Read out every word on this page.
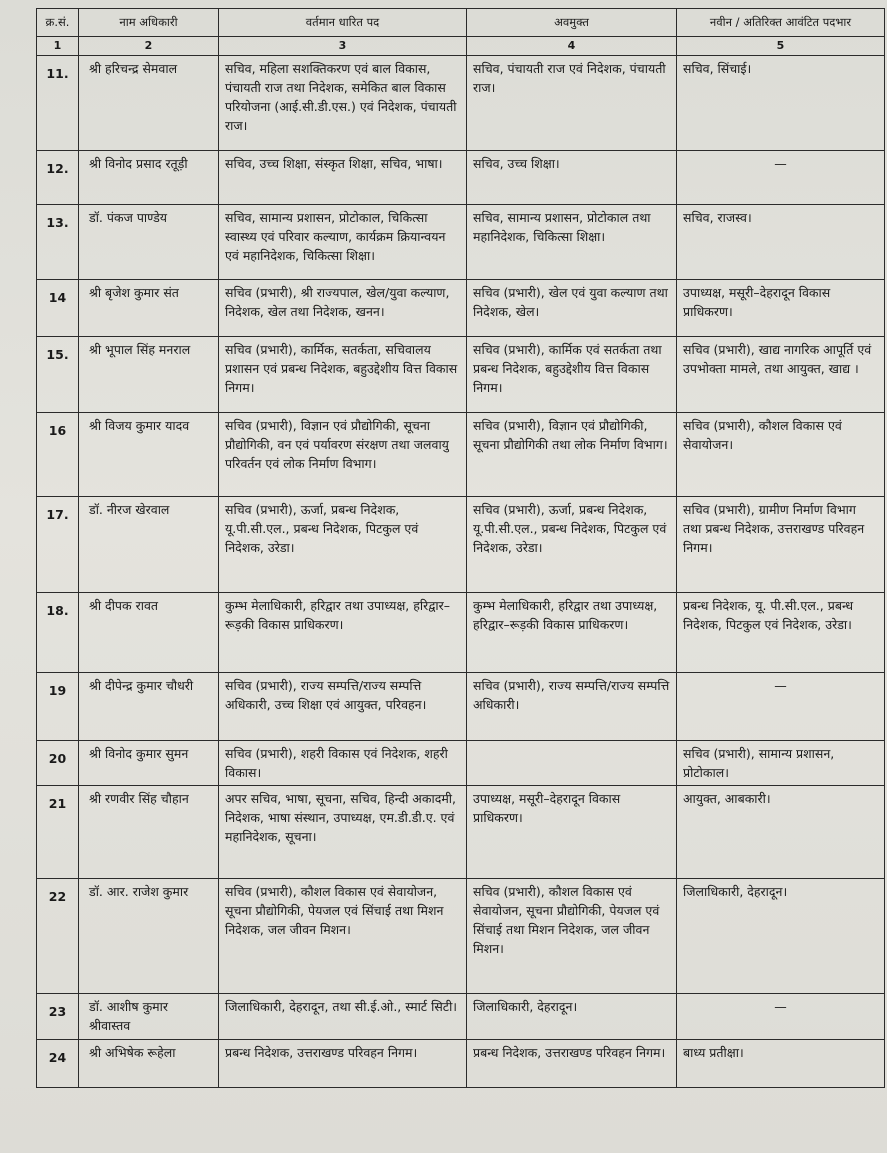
क्र.सं.	नाम अधिकारी	वर्तमान धारित पद	अवमुक्त	नवीन / अतिरिक्त आवंटित पदभार
1	2	3	4	5
11.	श्री हरिचन्द्र सेमवाल	सचिव, महिला सशक्तिकरण एवं बाल विकास, पंचायती राज तथा निदेशक, समेकित बाल विकास परियोजना (आई.सी.डी.एस.) एवं निदेशक, पंचायती राज।	सचिव, पंचायती राज एवं निदेशक, पंचायती राज।	सचिव, सिंचाई।
12.	श्री विनोद प्रसाद रतूड़ी	सचिव, उच्च शिक्षा, संस्कृत शिक्षा, सचिव, भाषा।	सचिव, उच्च शिक्षा।	—
13.	डॉ. पंकज पाण्डेय	सचिव, सामान्य प्रशासन, प्रोटोकाल, चिकित्सा स्वास्थ्य एवं परिवार कल्याण, कार्यक्रम क्रियान्वयन एवं महानिदेशक, चिकित्सा शिक्षा।	सचिव, सामान्य प्रशासन, प्रोटोकाल तथा महानिदेशक, चिकित्सा शिक्षा।	सचिव, राजस्व।
14	श्री बृजेश कुमार संत	सचिव (प्रभारी), श्री राज्यपाल, खेल/युवा कल्याण, निदेशक, खेल तथा निदेशक, खनन।	सचिव (प्रभारी), खेल एवं युवा कल्याण तथा निदेशक, खेल।	उपाध्यक्ष, मसूरी–देहरादून विकास प्राधिकरण।
15.	श्री भूपाल सिंह मनराल	सचिव (प्रभारी), कार्मिक, सतर्कता, सचिवालय प्रशासन एवं प्रबन्ध निदेशक, बहुउद्देशीय वित्त विकास निगम।	सचिव (प्रभारी), कार्मिक एवं सतर्कता तथा प्रबन्ध निदेशक, बहुउद्देशीय वित्त विकास निगम।	सचिव (प्रभारी), खाद्य नागरिक आपूर्ति एवं उपभोक्ता मामले, तथा आयुक्त, खाद्य ।
16	श्री विजय कुमार यादव	सचिव (प्रभारी), विज्ञान एवं प्रौद्योगिकी, सूचना प्रौद्योगिकी, वन एवं पर्यावरण संरक्षण तथा जलवायु परिवर्तन एवं लोक निर्माण विभाग।	सचिव (प्रभारी), विज्ञान एवं प्रौद्योगिकी, सूचना प्रौद्योगिकी तथा लोक निर्माण विभाग।	सचिव (प्रभारी), कौशल विकास एवं सेवायोजन।
17.	डॉ. नीरज खेरवाल	सचिव (प्रभारी), ऊर्जा, प्रबन्ध निदेशक, यू.पी.सी.एल., प्रबन्ध निदेशक, पिटकुल एवं निदेशक, उरेडा।	सचिव (प्रभारी), ऊर्जा, प्रबन्ध निदेशक, यू.पी.सी.एल., प्रबन्ध निदेशक, पिटकुल एवं निदेशक, उरेडा।	सचिव (प्रभारी), ग्रामीण निर्माण विभाग तथा प्रबन्ध निदेशक, उत्तराखण्ड परिवहन निगम।
18.	श्री दीपक रावत	कुम्भ मेलाधिकारी, हरिद्वार तथा उपाध्यक्ष, हरिद्वार–रूड़की विकास प्राधिकरण।	कुम्भ मेलाधिकारी, हरिद्वार तथा उपाध्यक्ष, हरिद्वार–रूड़की विकास प्राधिकरण।	प्रबन्ध निदेशक, यू. पी.सी.एल., प्रबन्ध निदेशक, पिटकुल एवं निदेशक, उरेडा।
19	श्री दीपेन्द्र कुमार चौधरी	सचिव (प्रभारी), राज्य सम्पत्ति/राज्य सम्पत्ति अधिकारी, उच्च शिक्षा एवं आयुक्त, परिवहन।	सचिव (प्रभारी), राज्य सम्पत्ति/राज्य सम्पत्ति अधिकारी।	—
20	श्री विनोद कुमार सुमन	सचिव (प्रभारी), शहरी विकास एवं निदेशक, शहरी विकास।		सचिव (प्रभारी), सामान्य प्रशासन, प्रोटोकाल।
21	श्री रणवीर सिंह चौहान	अपर सचिव, भाषा, सूचना, सचिव, हिन्दी अकादमी, निदेशक, भाषा संस्थान, उपाध्यक्ष, एम.डी.डी.ए. एवं महानिदेशक, सूचना।	उपाध्यक्ष, मसूरी–देहरादून विकास प्राधिकरण।	आयुक्त, आबकारी।
22	डॉ. आर. राजेश कुमार	सचिव (प्रभारी), कौशल विकास एवं सेवायोजन, सूचना प्रौद्योगिकी, पेयजल एवं सिंचाई तथा मिशन निदेशक, जल जीवन मिशन।	सचिव (प्रभारी), कौशल विकास एवं सेवायोजन, सूचना प्रौद्योगिकी, पेयजल एवं सिंचाई तथा मिशन निदेशक, जल जीवन मिशन।	जिलाधिकारी, देहरादून।
23	डॉ. आशीष कुमार श्रीवास्तव	जिलाधिकारी, देहरादून, तथा सी.ई.ओ., स्मार्ट सिटी।	जिलाधिकारी, देहरादून।	—
24	श्री अभिषेक रूहेला	प्रबन्ध निदेशक, उत्तराखण्ड परिवहन निगम।	प्रबन्ध निदेशक, उत्तराखण्ड परिवहन निगम।	बाध्य प्रतीक्षा।
